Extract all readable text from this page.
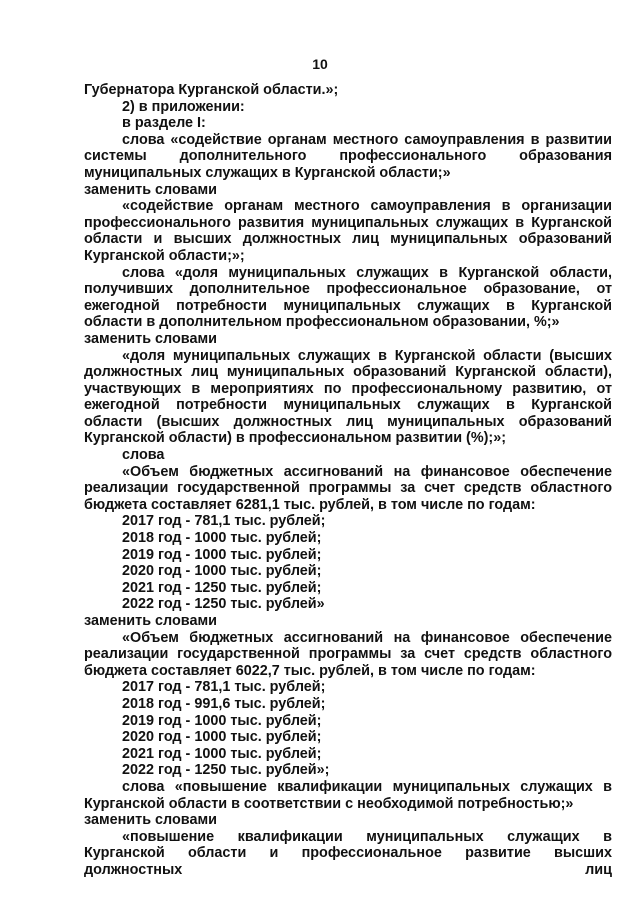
10

Губернатора Курганской области.»;

2) в приложении:

в разделе I:

слова «содействие органам местного самоуправления в развитии системы дополнительного профессионального образования муниципальных служащих в Курганской области;»

заменить словами

«содействие органам местного самоуправления в организации профессионального развития муниципальных служащих в Курганской области и высших должностных лиц муниципальных образований Курганской области;»;

слова «доля муниципальных служащих в Курганской области, получивших дополнительное профессиональное образование, от ежегодной потребности муниципальных служащих в Курганской области в дополнительном профессиональном образовании, %;»

заменить словами

«доля муниципальных служащих в Курганской области (высших должностных лиц муниципальных образований Курганской области), участвующих в мероприятиях по профессиональному развитию, от ежегодной потребности муниципальных служащих в Курганской области (высших должностных лиц муниципальных образований Курганской области) в профессиональном развитии (%);»;

слова

«Объем бюджетных ассигнований на финансовое обеспечение реализации государственной программы за счет средств областного бюджета составляет 6281,1 тыс. рублей, в том числе по годам:

2017 год - 781,1 тыс. рублей;

2018 год - 1000 тыс. рублей;

2019 год - 1000 тыс. рублей;

2020 год - 1000 тыс. рублей;

2021 год - 1250 тыс. рублей;

2022 год - 1250 тыс. рублей»

заменить словами

«Объем бюджетных ассигнований на финансовое обеспечение реализации государственной программы за счет средств областного бюджета составляет 6022,7 тыс. рублей, в том числе по годам:

2017 год - 781,1 тыс. рублей;

2018 год - 991,6 тыс. рублей;

2019 год - 1000 тыс. рублей;

2020 год - 1000 тыс. рублей;

2021 год - 1000 тыс. рублей;

2022 год - 1250 тыс. рублей»;

слова «повышение квалификации муниципальных служащих в Курганской области в соответствии с необходимой потребностью;»

заменить словами

«повышение квалификации муниципальных служащих в Курганской области и профессиональное развитие высших должностных лиц
